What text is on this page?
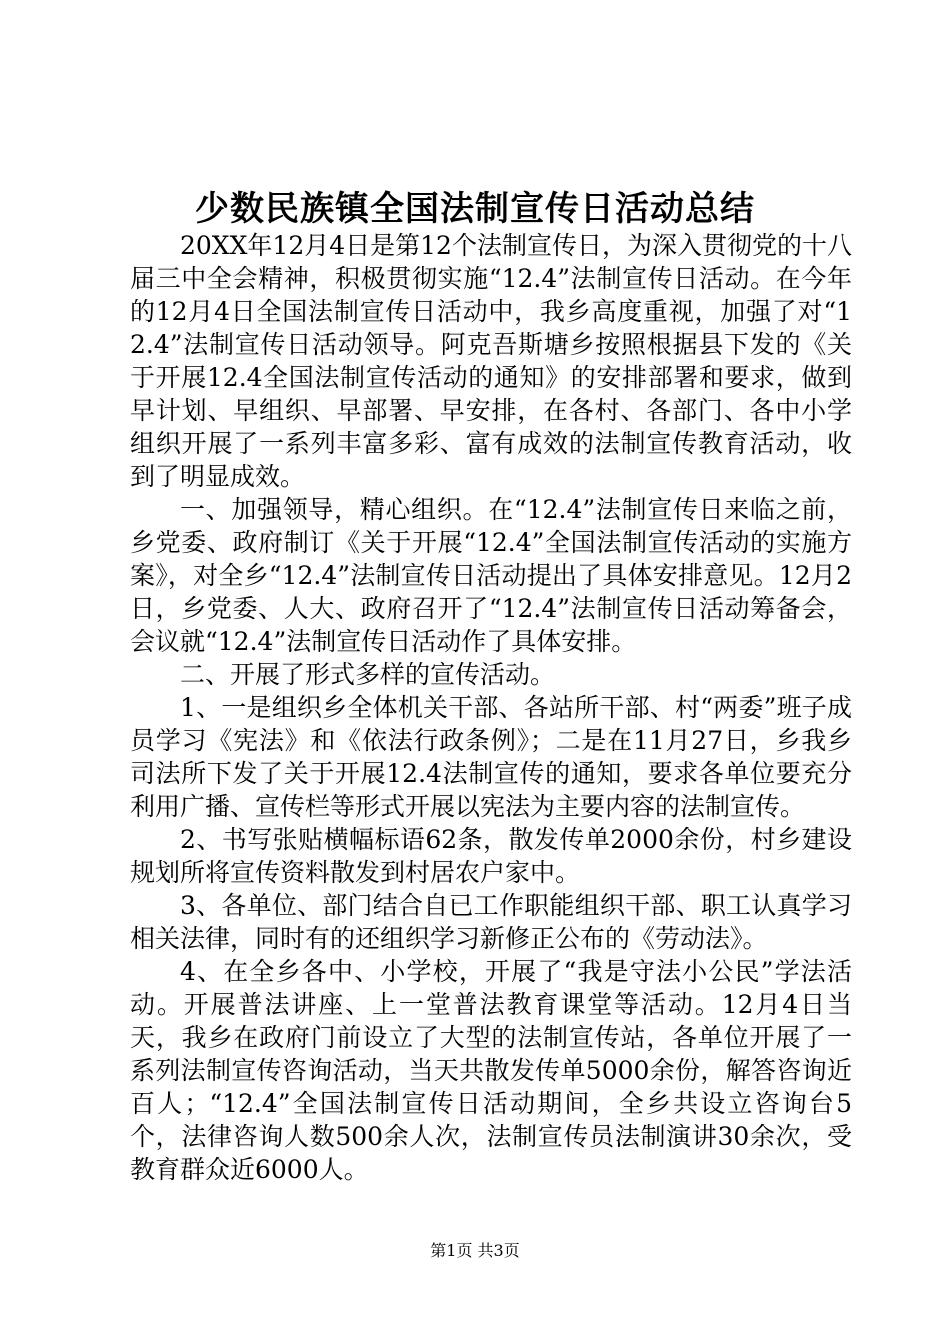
少数民族镇全国法制宣传日活动总结

20XX年12月4日是第12个法制宣传日，为深入贯彻党的十八届三中全会精神，积极贯彻实施“12.4”法制宣传日活动。在今年的12月4日全国法制宣传日活动中，我乡高度重视，加强了对“12.4”法制宣传日活动领导。阿克吾斯塘乡按照根据县下发的《关于开展12.4全国法制宣传活动的通知》的安排部署和要求，做到早计划、早组织、早部署、早安排，在各村、各部门、各中小学组织开展了一系列丰富多彩、富有成效的法制宣传教育活动，收到了明显成效。

一、加强领导，精心组织。在“12.4”法制宣传日来临之前，乡党委、政府制订《关于开展“12.4”全国法制宣传活动的实施方案》，对全乡“12.4”法制宣传日活动提出了具体安排意见。12月2日，乡党委、人大、政府召开了“12.4”法制宣传日活动筹备会，会议就“12.4”法制宣传日活动作了具体安排。

二、开展了形式多样的宣传活动。

1、一是组织乡全体机关干部、各站所干部、村“两委”班子成员学习《宪法》和《依法行政条例》；二是在11月27日，乡我乡司法所下发了关于开展12.4法制宣传的通知，要求各单位要充分利用广播、宣传栏等形式开展以宪法为主要内容的法制宣传。

2、书写张贴横幅标语62条，散发传单2000余份，村乡建设规划所将宣传资料散发到村居农户家中。

3、各单位、部门结合自已工作职能组织干部、职工认真学习相关法律，同时有的还组织学习新修正公布的《劳动法》。

4、在全乡各中、小学校，开展了“我是守法小公民”学法活动。开展普法讲座、上一堂普法教育课堂等活动。12月4日当天，我乡在政府门前设立了大型的法制宣传站，各单位开展了一系列法制宣传咨询活动，当天共散发传单5000余份，解答咨询近百人；“12.4”全国法制宣传日活动期间，全乡共设立咨询台5个，法律咨询人数500余人次，法制宣传员法制演讲30余次，受教育群众近6000人。

第1页 共3页
